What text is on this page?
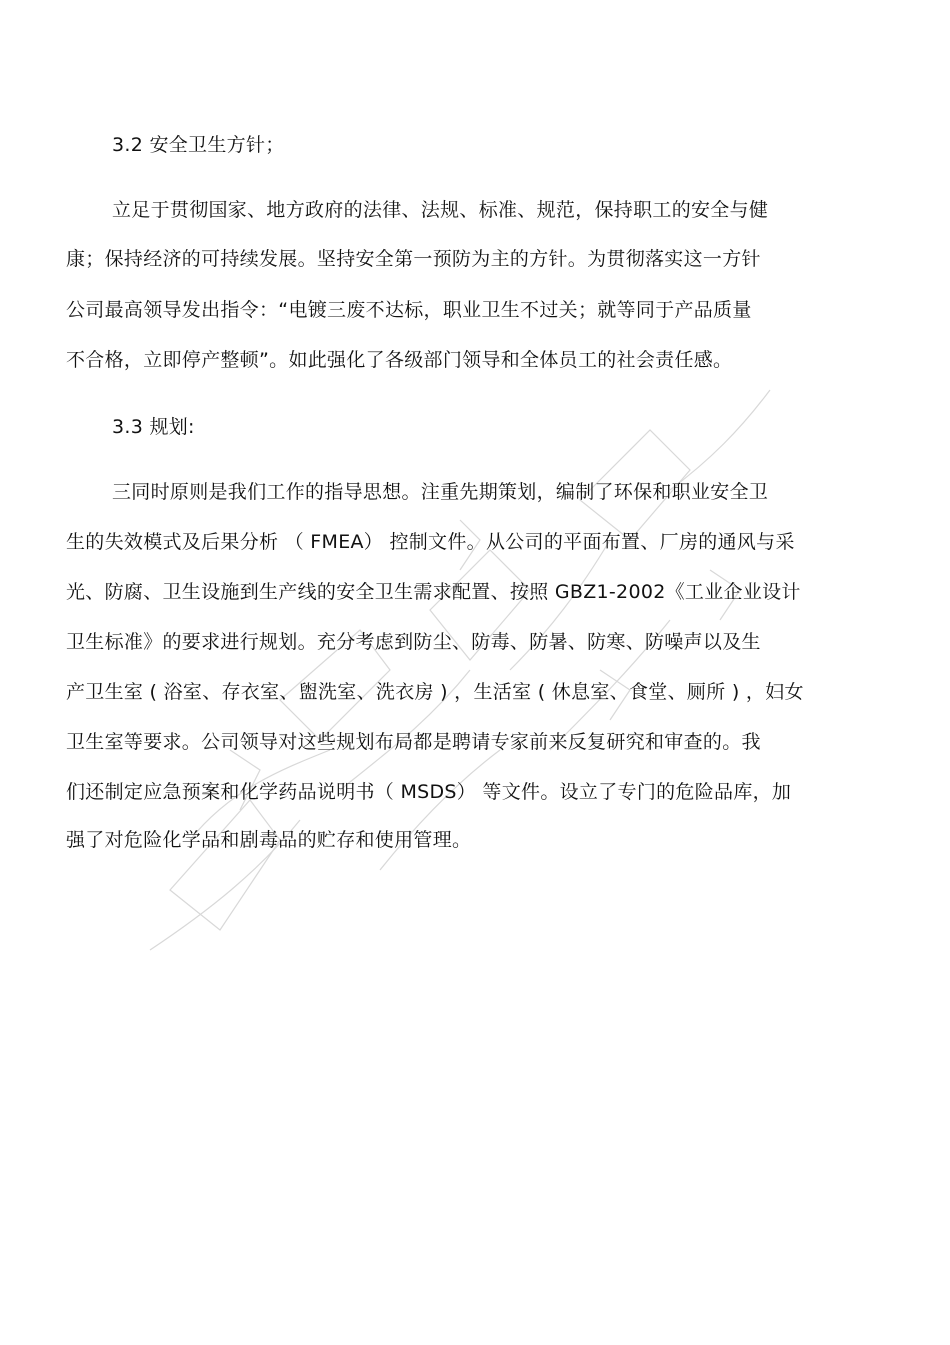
3.2 安全卫生方针；
立足于贯彻国家、地方政府的法律、法规、标准、规范，保持职工的安全与健
康；保持经济的可持续发展。坚持安全第一预防为主的方针。为贯彻落实这一方针
公司最高领导发出指令：“电镀三废不达标，职业卫生不过关；就等同于产品质量
不合格，立即停产整顿”。如此强化了各级部门领导和全体员工的社会责任感。
3.3 规划:
三同时原则是我们工作的指导思想。注重先期策划，编制了环保和职业安全卫
生的失效模式及后果分析 （ FMEA） 控制文件。从公司的平面布置、厂房的通风与采
光、防腐、卫生设施到生产线的安全卫生需求配置、按照 GBZ1-2002《工业企业设计
卫生标准》的要求进行规划。充分考虑到防尘、防毒、防暑、防寒、防噪声以及生
产卫生室 ( 浴室、存衣室、盥洗室、洗衣房 ) ，生活室 ( 休息室、食堂、厕所 ) ，妇女
卫生室等要求。公司领导对这些规划布局都是聘请专家前来反复研究和审查的。我
们还制定应急预案和化学药品说明书（ MSDS） 等文件。设立了专门的危险品库，加
强了对危险化学品和剧毒品的贮存和使用管理。
